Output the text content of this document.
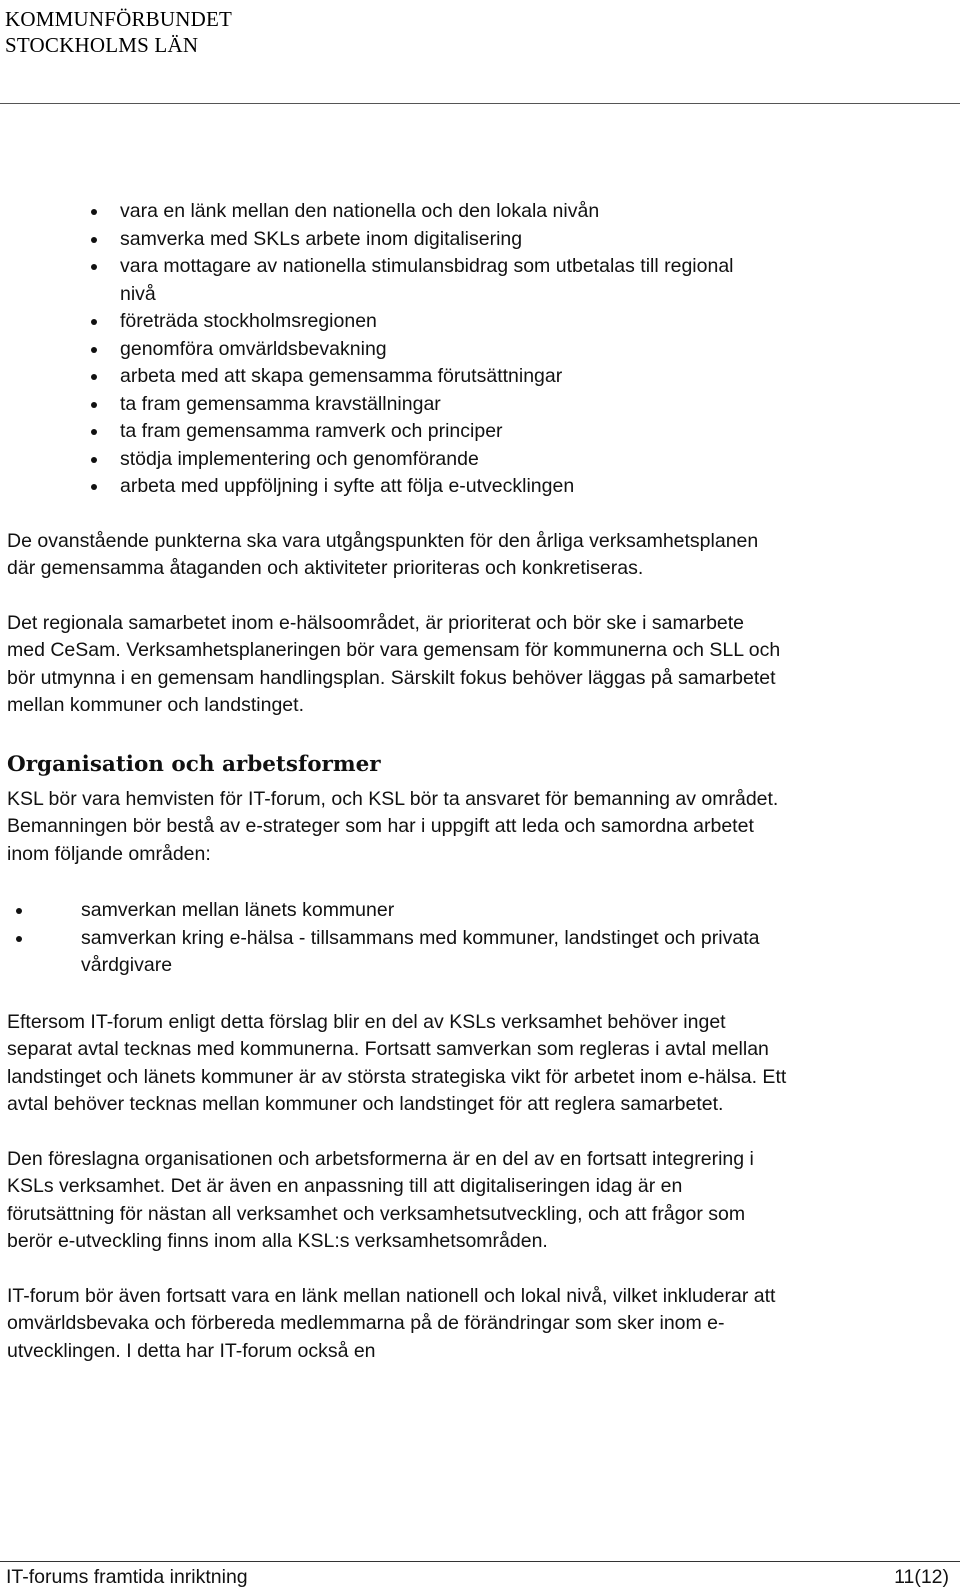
KOMMUNFÖRBUNDET
STOCKHOLMS LÄN
vara en länk mellan den nationella och den lokala nivån
samverka med SKLs arbete inom digitalisering
vara mottagare av nationella stimulansbidrag som utbetalas till regional nivå
företräda stockholmsregionen
genomföra omvärldsbevakning
arbeta med att skapa gemensamma förutsättningar
ta fram gemensamma kravställningar
ta fram gemensamma ramverk och principer
stödja implementering och genomförande
arbeta med uppföljning i syfte att följa e-utvecklingen

De ovanstående punkterna ska vara utgångspunkten för den årliga verksamhetsplanen där gemensamma åtaganden och aktiviteter prioriteras och konkretiseras.

Det regionala samarbetet inom e-hälsoområdet, är prioriterat och bör ske i samarbete med CeSam. Verksamhetsplaneringen bör vara gemensam för kommunerna och SLL och bör utmynna i en gemensam handlingsplan. Särskilt fokus behöver läggas på samarbetet mellan kommuner och landstinget.

Organisation och arbetsformer

KSL bör vara hemvisten för IT-forum, och KSL bör ta ansvaret för bemanning av området. Bemanningen bör bestå av e-strateger som har i uppgift att leda och samordna arbetet inom följande områden:

samverkan mellan länets kommuner
samverkan kring e-hälsa - tillsammans med kommuner, landstinget och privata vårdgivare

Eftersom IT-forum enligt detta förslag blir en del av KSLs verksamhet behöver inget separat avtal tecknas med kommunerna. Fortsatt samverkan som regleras i avtal mellan landstinget och länets kommuner är av största strategiska vikt för arbetet inom e-hälsa. Ett avtal behöver tecknas mellan kommuner och landstinget för att reglera samarbetet.

Den föreslagna organisationen och arbetsformerna är en del av en fortsatt integrering i KSLs verksamhet. Det är även en anpassning till att digitaliseringen idag är en förutsättning för nästan all verksamhet och verksamhetsutveckling, och att frågor som berör e-utveckling finns inom alla KSL:s verksamhetsområden.

IT-forum bör även fortsatt vara en länk mellan nationell och lokal nivå, vilket inkluderar att omvärldsbevaka och förbereda medlemmarna på de förändringar som sker inom e-utvecklingen. I detta har IT-forum också en

IT-forums framtida inriktning	11(12)
